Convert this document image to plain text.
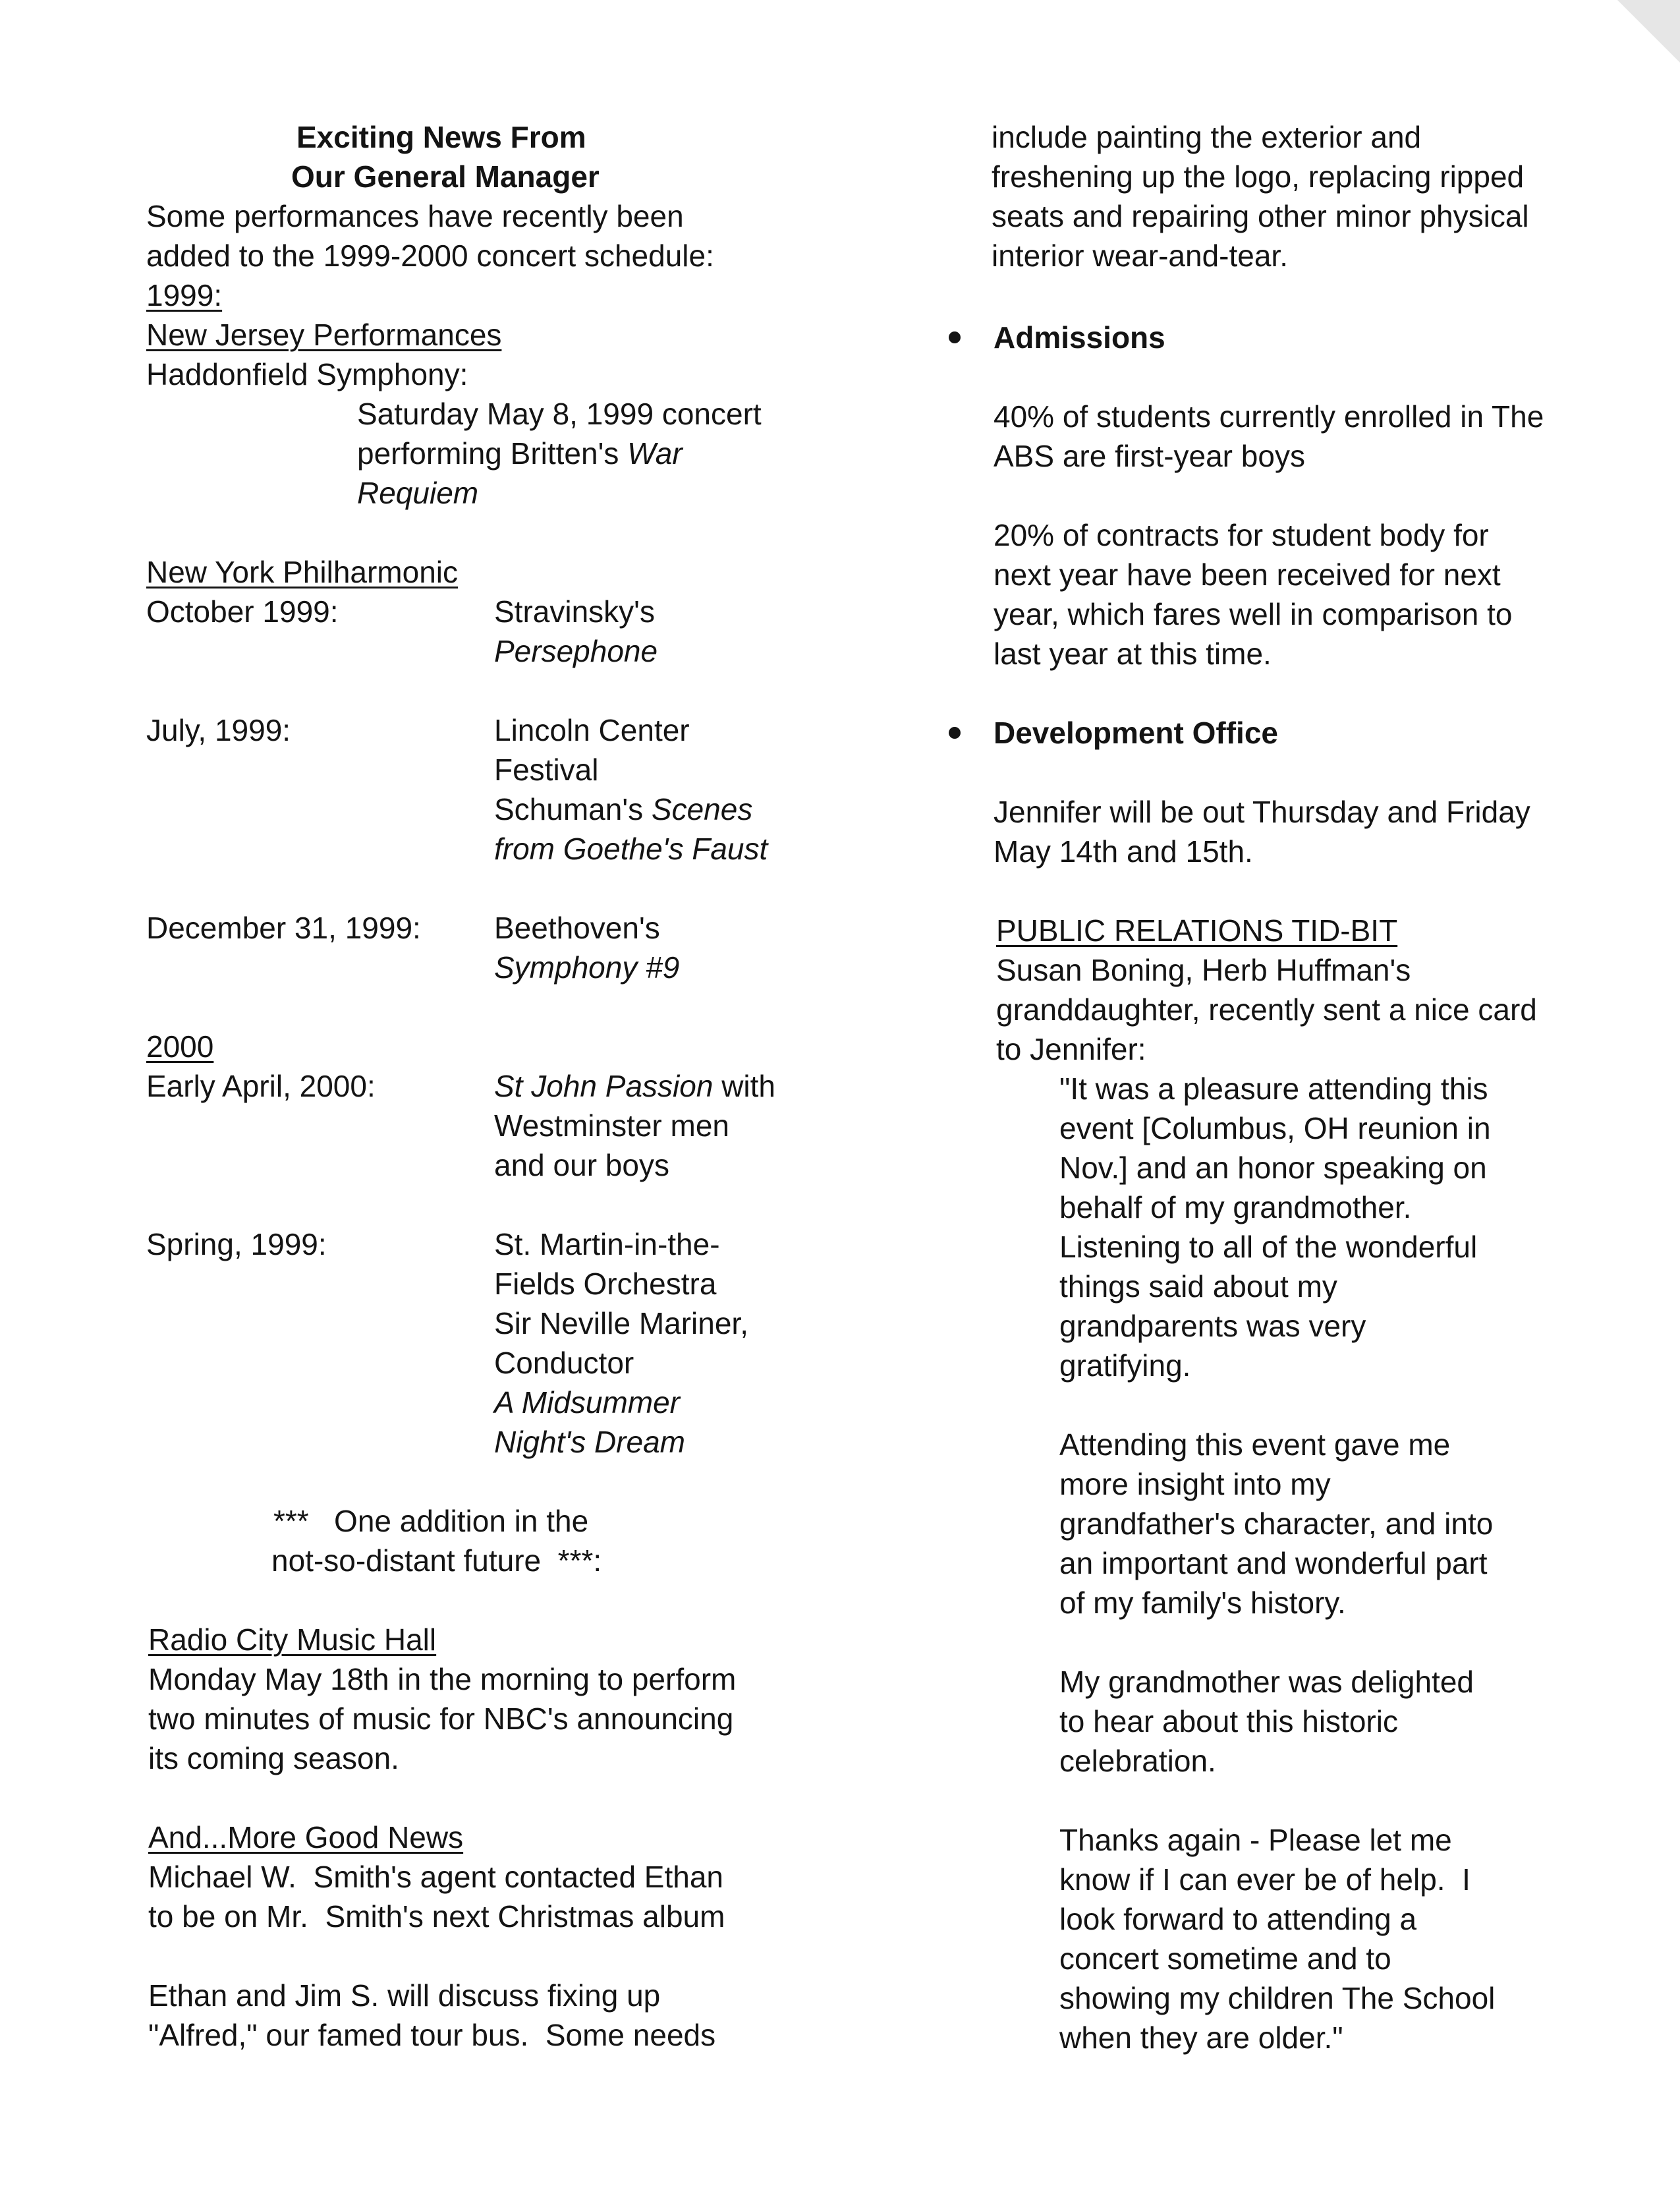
Exciting News From
Our General Manager
Some performances have recently been
added to the 1999-2000 concert schedule:
1999:
New Jersey Performances
Haddonfield Symphony:
Saturday May 8, 1999 concert
performing Britten's War
Requiem
New York Philharmonic
October 1999:	Stravinsky's
Persephone
July, 1999:	Lincoln Center
Festival
Schuman's Scenes
from Goethe's Faust
December 31, 1999: Beethoven's
Symphony #9
2000
Early April, 2000:	St John Passion with
Westminster men
and our boys
Spring, 1999:	St. Martin-in-the-
Fields Orchestra
Sir Neville Mariner,
Conductor
A Midsummer
Night's Dream
***   One addition in the
not-so-distant future  ***:
Radio City Music Hall
Monday May 18th in the morning to perform
two minutes of music for NBC's announcing
its coming season.
And...More Good News
Michael W.  Smith's agent contacted Ethan
to be on Mr.  Smith's next Christmas album
Ethan and Jim S. will discuss fixing up
"Alfred," our famed tour bus.  Some needs
include painting the exterior and
freshening up the logo, replacing ripped
seats and repairing other minor physical
interior wear-and-tear.
Admissions
40% of students currently enrolled in The
ABS are first-year boys
20% of contracts for student body for
next year have been received for next
year, which fares well in comparison to
last year at this time.
Development Office
Jennifer will be out Thursday and Friday
May 14th and 15th.
PUBLIC RELATIONS TID-BIT
Susan Boning, Herb Huffman's
granddaughter, recently sent a nice card
to Jennifer:
"It was a pleasure attending this
event [Columbus, OH reunion in
Nov.] and an honor speaking on
behalf of my grandmother.
Listening to all of the wonderful
things said about my
grandparents was very
gratifying.
Attending this event gave me
more insight into my
grandfather's character, and into
an important and wonderful part
of my family's history.
My grandmother was delighted
to hear about this historic
celebration.
Thanks again - Please let me
know if I can ever be of help.  I
look forward to attending a
concert sometime and to
showing my children The School
when they are older."
